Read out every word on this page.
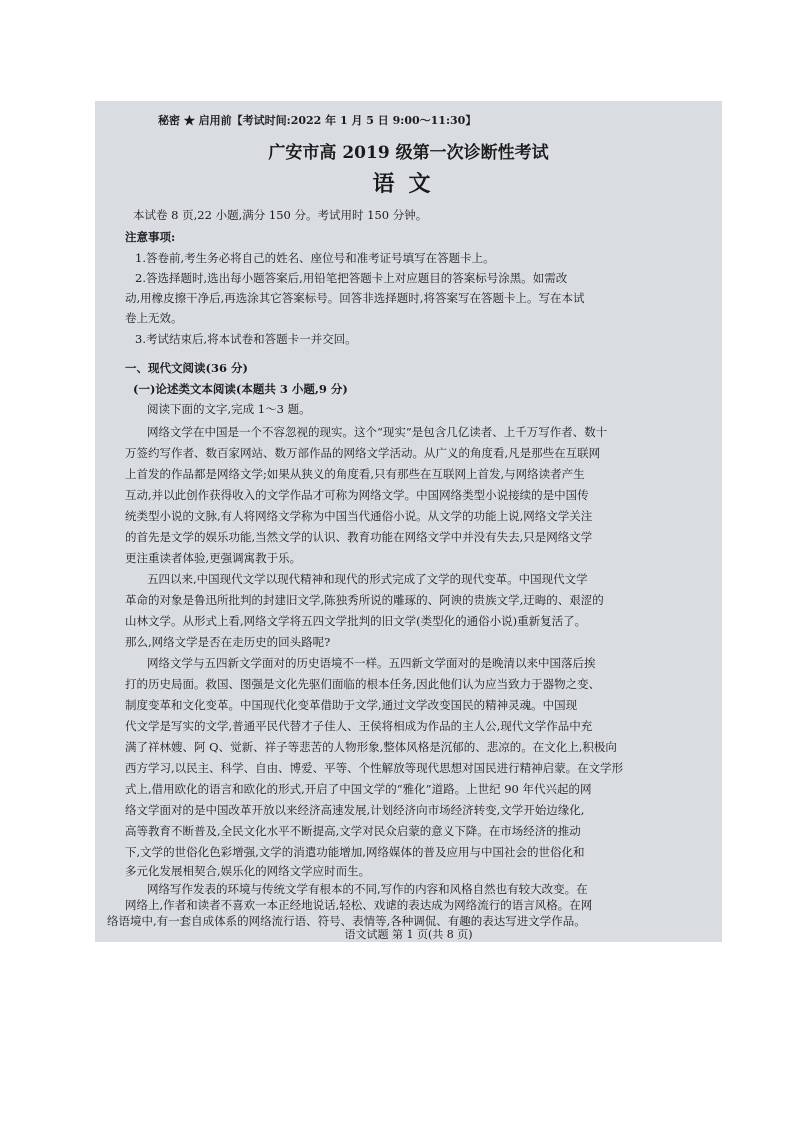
秘密 ★ 启用前【考试时间:2022 年 1 月 5 日 9:00～11:30】
广安市高 2019 级第一次诊断性考试
语文
本试卷 8 页,22 小题,满分 150 分。考试用时 150 分钟。
注意事项:
1.答卷前,考生务必将自己的姓名、座位号和准考证号填写在答题卡上。
2.答选择题时,选出每小题答案后,用铅笔把答题卡上对应题目的答案标号涂黑。如需改
动,用橡皮擦干净后,再选涂其它答案标号。回答非选择题时,将答案写在答题卡上。写在本试
卷上无效。
3.考试结束后,将本试卷和答题卡一并交回。
一、现代文阅读(36 分)
(一)论述类文本阅读(本题共 3 小题,9 分)
阅读下面的文字,完成 1～3 题。
网络文学在中国是一个不容忽视的现实。这个“现实”是包含几亿读者、上千万写作者、数十
万签约写作者、数百家网站、数万部作品的网络文学活动。从广义的角度看,凡是那些在互联网
上首发的作品都是网络文学;如果从狭义的角度看,只有那些在互联网上首发,与网络读者产生
互动,并以此创作获得收入的文学作品才可称为网络文学。中国网络类型小说接续的是中国传
统类型小说的文脉,有人将网络文学称为中国当代通俗小说。从文学的功能上说,网络文学关注
的首先是文学的娱乐功能,当然文学的认识、教育功能在网络文学中并没有失去,只是网络文学
更注重读者体验,更强调寓教于乐。
五四以来,中国现代文学以现代精神和现代的形式完成了文学的现代变革。中国现代文学
革命的对象是鲁迅所批判的封建旧文学,陈独秀所说的雕琢的、阿谀的贵族文学,迂晦的、艰涩的
山林文学。从形式上看,网络文学将五四文学批判的旧文学(类型化的通俗小说)重新复活了。
那么,网络文学是否在走历史的回头路呢?
网络文学与五四新文学面对的历史语境不一样。五四新文学面对的是晚清以来中国落后挨
打的历史局面。救国、图强是文化先驱们面临的根本任务,因此他们认为应当致力于器物之变、
制度变革和文化变革。中国现代化变革借助于文学,通过文学改变国民的精神灵魂。中国现
代文学是写实的文学,普通平民代替才子佳人、王侯将相成为作品的主人公,现代文学作品中充
满了祥林嫂、阿 Q、觉新、祥子等悲苦的人物形象,整体风格是沉郁的、悲凉的。在文化上,积极向
西方学习,以民主、科学、自由、博爱、平等、个性解放等现代思想对国民进行精神启蒙。在文学形
式上,借用欧化的语言和欧化的形式,开启了中国文学的“雅化”道路。上世纪 90 年代兴起的网
络文学面对的是中国改革开放以来经济高速发展,计划经济向市场经济转变,文学开始边缘化,
高等教育不断普及,全民文化水平不断提高,文学对民众启蒙的意义下降。在市场经济的推动
下,文学的世俗化色彩增强,文学的消遣功能增加,网络媒体的普及应用与中国社会的世俗化和
多元化发展相契合,娱乐化的网络文学应时而生。
网络写作发表的环境与传统文学有根本的不同,写作的内容和风格自然也有较大改变。在
语文试题 第 1 页(共 8 页)
网络上,作者和读者不喜欢一本正经地说话,轻松、戏谑的表达成为网络流行的语言风格。在网
络语境中,有一套自成体系的网络流行语、符号、表情等,各种调侃、有趣的表达写进文学作品。
